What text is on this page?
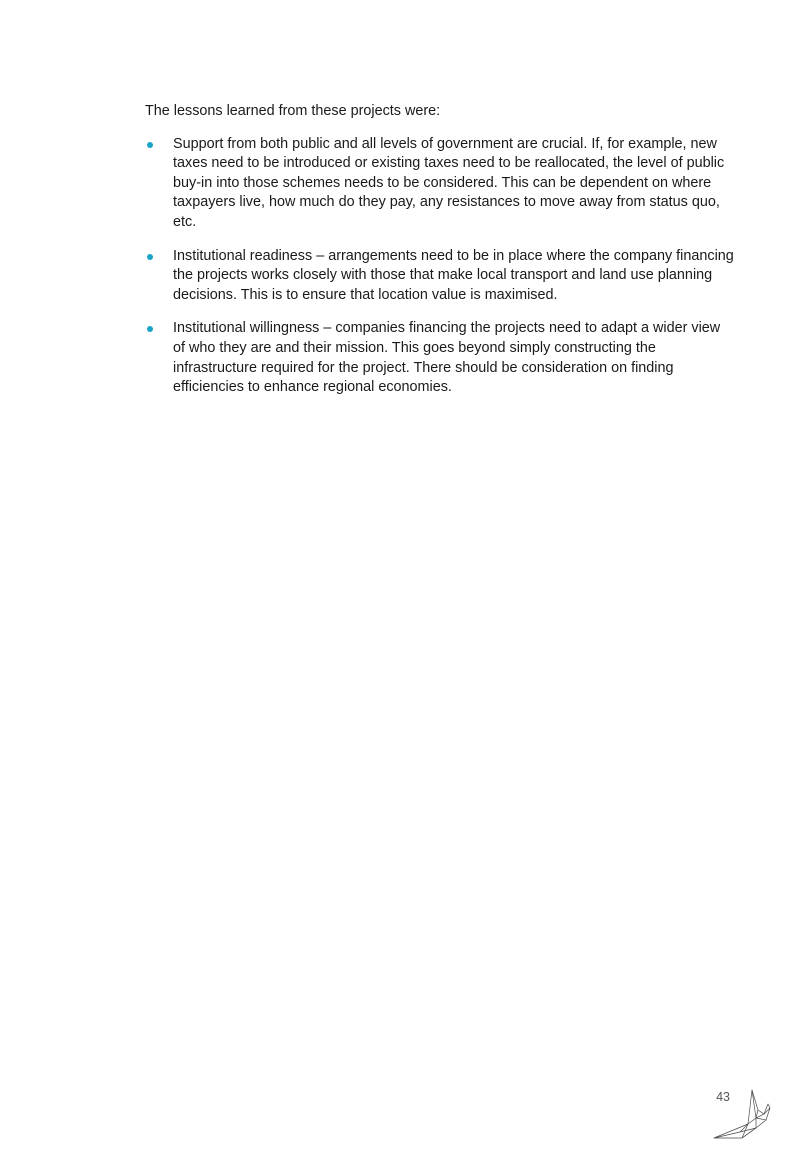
The lessons learned from these projects were:

Support from both public and all levels of government are crucial. If, for example, new taxes need to be introduced or existing taxes need to be reallocated, the level of public buy-in into those schemes needs to be considered. This can be dependent on where taxpayers live, how much do they pay, any resistances to move away from status quo, etc.
Institutional readiness – arrangements need to be in place where the company financing the projects works closely with those that make local transport and land use planning decisions. This is to ensure that location value is maximised.
Institutional willingness – companies financing the projects need to adapt a wider view of who they are and their mission. This goes beyond simply constructing the infrastructure required for the project. There should be consideration on finding efficiencies to enhance regional economies.
43
